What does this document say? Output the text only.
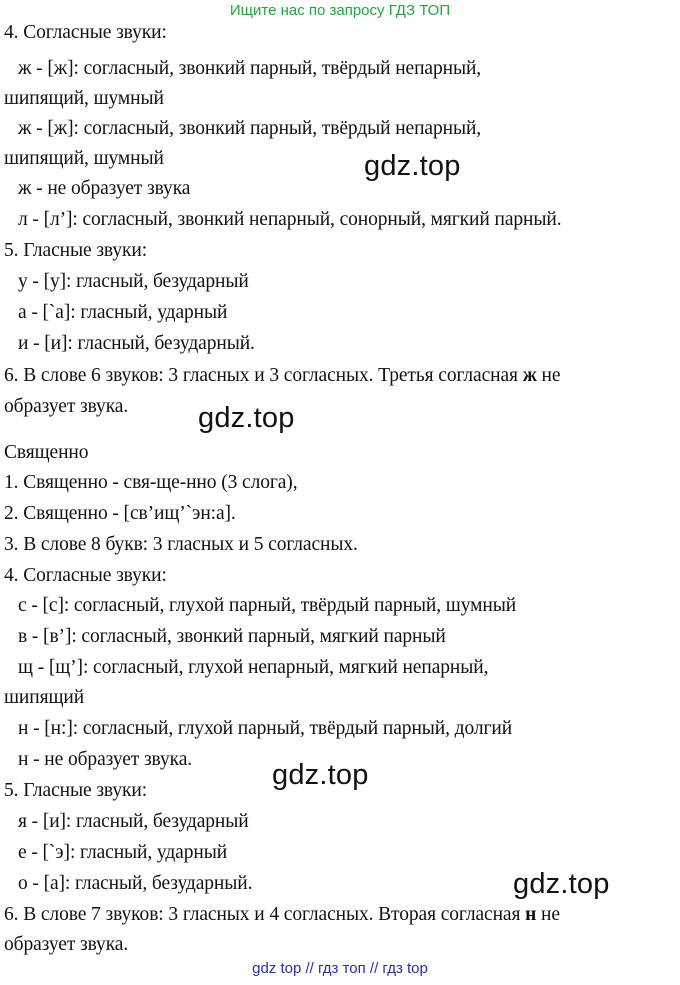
Ищите нас по запросу ГДЗ ТОП
4. Согласные звуки:
ж - [ж]: согласный, звонкий парный, твёрдый непарный,
шипящий, шумный
ж - [ж]: согласный, звонкий парный, твёрдый непарный,
шипящий, шумный
ж - не образует звука
л - [л’]: согласный, звонкий непарный, сонорный, мягкий парный.
5. Гласные звуки:
у - [у]: гласный, безударный
а - [`а]: гласный, ударный
и - [и]: гласный, безударный.
6. В слове 6 звуков: 3 гласных и 3 согласных. Третья согласная ж не
образует звука.
Священно
1. Священно - свя-ще-нно (3 слога),
2. Священно - [св’ищ’`эн:а].
3. В слове 8 букв: 3 гласных и 5 согласных.
4. Согласные звуки:
с - [с]: согласный, глухой парный, твёрдый парный, шумный
в - [в’]: согласный, звонкий парный, мягкий парный
щ - [щ’]: согласный, глухой непарный, мягкий непарный,
шипящий
н - [н:]: согласный, глухой парный, твёрдый парный, долгий
н - не образует звука.
5. Гласные звуки:
я - [и]: гласный, безударный
е - [`э]: гласный, ударный
о - [а]: гласный, безударный.
6. В слове 7 звуков: 3 гласных и 4 согласных. Вторая согласная н не
образует звука.
gdz.top
gdz.top
gdz.top
gdz.top
gdz top // гдз топ // гдз top
